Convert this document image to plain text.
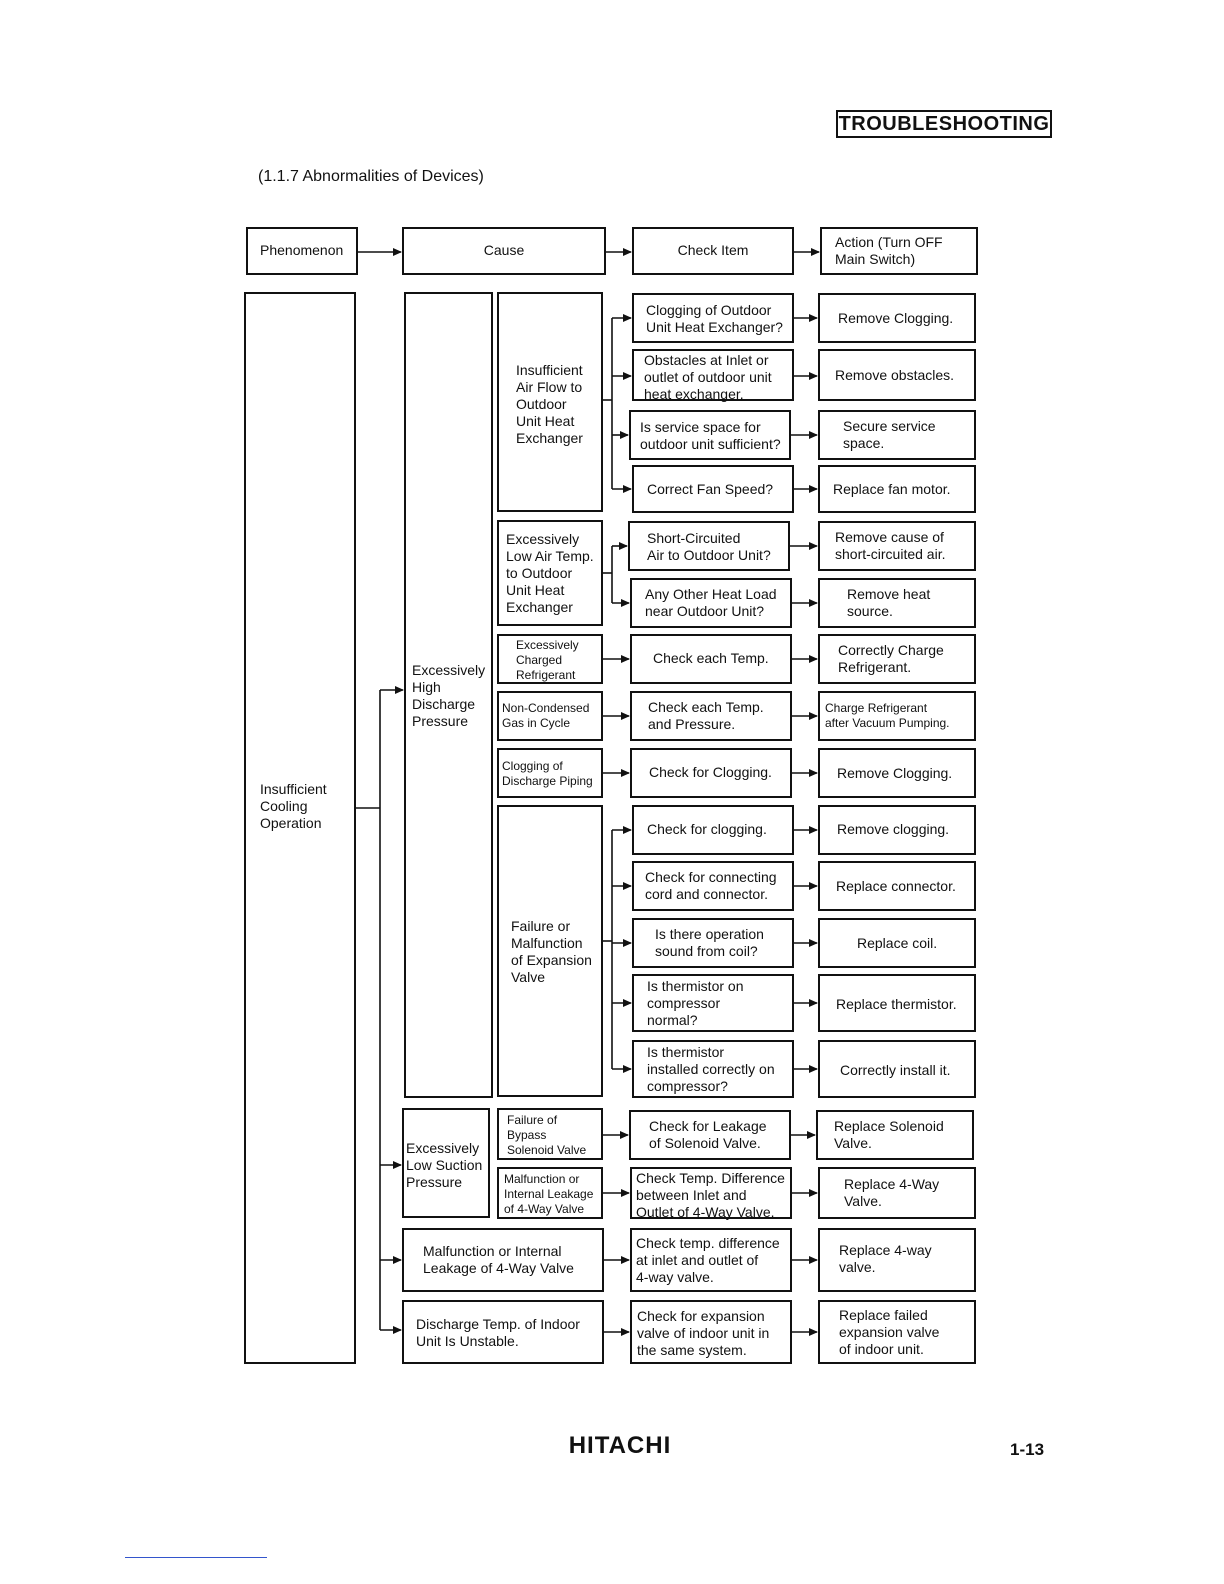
TROUBLESHOOTING
(1.1.7 Abnormalities of Devices)
HITACHI	1-13
Phenomenon	Cause	Check Item	Action (Turn OFF
Main Switch)
Insufficient
Cooling
Operation
Excessively
High
Discharge
Pressure
Excessively
Low Suction
Pressure
Malfunction or Internal
Leakage of 4-Way Valve
Discharge Temp. of Indoor
Unit Is Unstable.
Insufficient
Air Flow to
Outdoor
Unit Heat
Exchanger
Excessively
Low Air Temp.
to Outdoor
Unit Heat
Exchanger
Excessively
Charged
Refrigerant
Non-Condensed
Gas in Cycle
Clogging of
Discharge Piping
Failure or
Malfunction
of Expansion
Valve
Failure of
Bypass
Solenoid Valve
Malfunction or
Internal Leakage
of 4-Way Valve
Clogging of Outdoor
Unit Heat Exchanger?
Obstacles at Inlet or
outlet of outdoor unit
heat exchanger.
Is service space for
outdoor unit sufficient?
Correct Fan Speed?
Short-Circuited
Air to Outdoor Unit?
Any Other Heat Load
near Outdoor Unit?
Check each Temp.
Check each Temp.
and Pressure.
Check for Clogging.
Check for clogging.
Check for connecting
cord and connector.
Is there operation
sound from coil?
Is thermistor on
compressor
normal?
Is thermistor
installed correctly on
compressor?
Check for Leakage
of Solenoid Valve.
Check Temp. Difference
between Inlet and
Outlet of 4-Way Valve.
Check temp. difference
at inlet and outlet of
4-way valve.
Check for expansion
valve of indoor unit in
the same system.
Remove Clogging.
Remove obstacles.
Secure service
space.
Replace fan motor.
Remove cause of
short-circuited air.
Remove heat
source.
Correctly Charge
Refrigerant.
Charge Refrigerant
after Vacuum Pumping.
Remove Clogging.
Remove clogging.
Replace connector.
Replace coil.
Replace thermistor.
Correctly install it.
Replace Solenoid
Valve.
Replace 4-Way
Valve.
Replace 4-way
valve.
Replace failed
expansion valve
of indoor unit.
